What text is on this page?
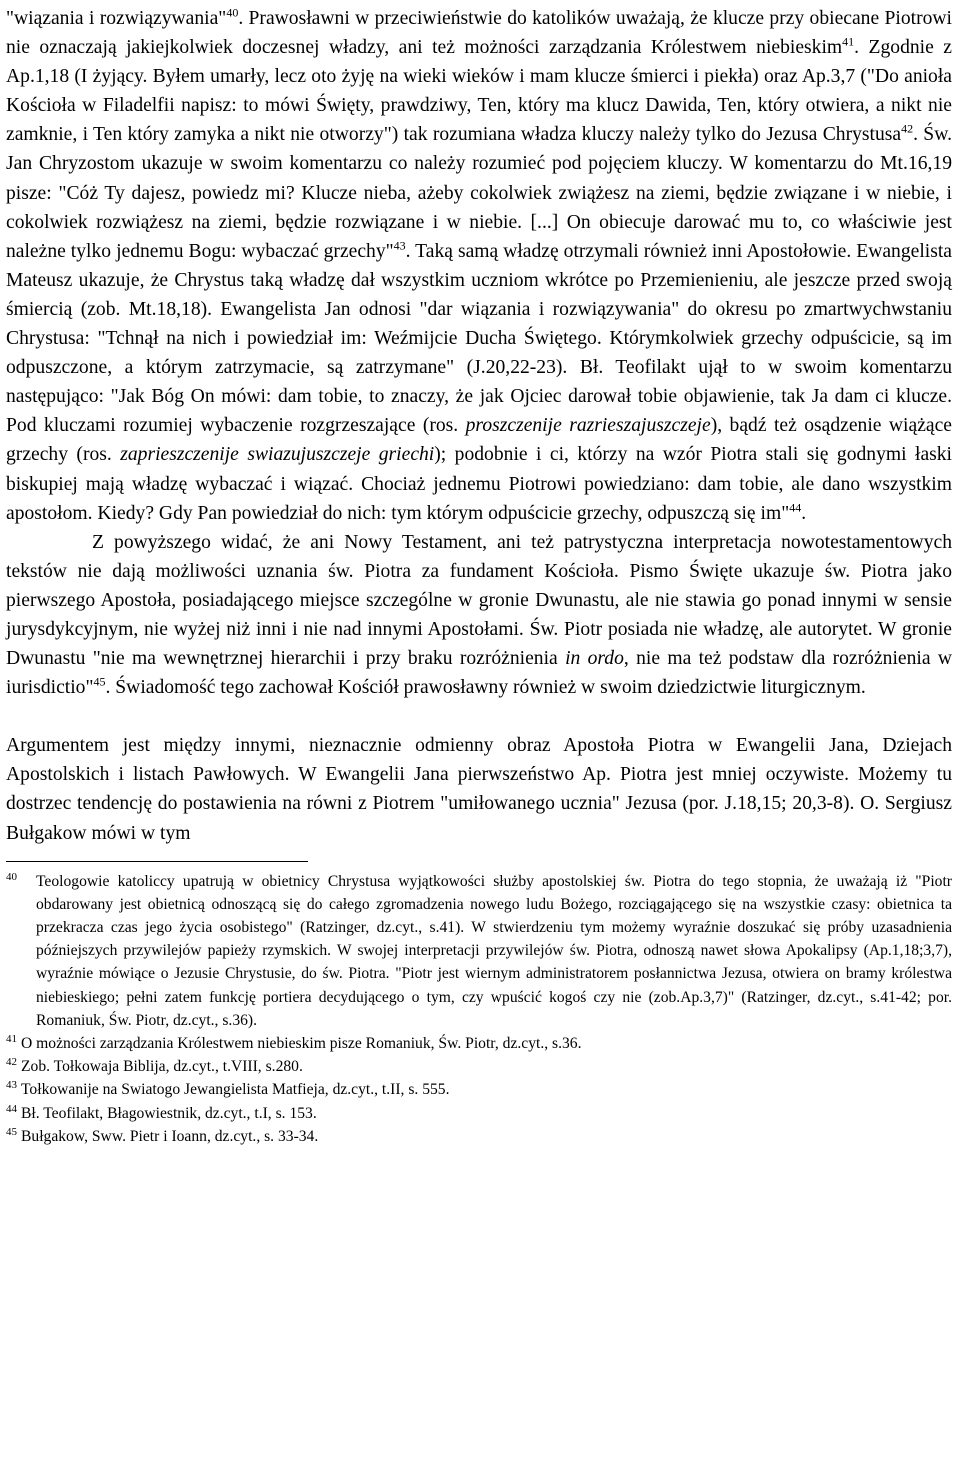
"wiązania i rozwiązywania"$^{40}$. Prawosławni w przeciwieństwie do katolików uważają, że klucze przy obiecane Piotrowi nie oznaczają jakiejkolwiek doczesnej władzy, ani też możności zarządzania Królestwem niebieskim$^{41}$. Zgodnie z Ap.1,18 (I żyjący. Byłem umarły, lecz oto żyję na wieki wieków i mam klucze śmierci i piekła) oraz Ap.3,7 ("Do anioła Kościoła w Filadelfii napisz: to mówi Święty, prawdziwy, Ten, który ma klucz Dawida, Ten, który otwiera, a nikt nie zamknie, i Ten który zamyka a nikt nie otworzy") tak rozumiana władza kluczy należy tylko do Jezusa Chrystusa$^{42}$. Św. Jan Chryzostom ukazuje w swoim komentarzu co należy rozumieć pod pojęciem kluczy. W komentarzu do Mt.16,19 pisze: "Cóż Ty dajesz, powiedz mi? Klucze nieba, ażeby cokolwiek zwiążesz na ziemi, będzie związane i w niebie, i cokolwiek rozwiążesz na ziemi, będzie rozwiązane i w niebie. [...] On obiecuje darować mu to, co właściwie jest należne tylko jednemu Bogu: wybaczać grzechy"$^{43}$. Taką samą władzę otrzymali również inni Apostołowie. Ewangelista Mateusz ukazuje, że Chrystus taką władzę dał wszystkim uczniom wkrótce po Przemienieniu, ale jeszcze przed swoją śmiercią (zob. Mt.18,18). Ewangelista Jan odnosi "dar wiązania i rozwiązywania" do okresu po zmartwychwstaniu Chrystusa: "Tchnął na nich i powiedział im: Weźmijcie Ducha Świętego. Którymkolwiek grzechy odpuścicie, są im odpuszczone, a którym zatrzymacie, są zatrzymane" (J.20,22-23). Bł. Teofilakt ujął to w swoim komentarzu następująco: "Jak Bóg On mówi: dam tobie, to znaczy, że jak Ojciec darował tobie objawienie, tak Ja dam ci klucze. Pod kluczami rozumiej wybaczenie rozgrzeszające (ros. proszczenije razrieszajuszczeje), bądź też osądzenie wiążące grzechy (ros. zaprieszczenije swiazujuszczeje griechi); podobnie i ci, którzy na wzór Piotra stali się godnymi łaski biskupiej mają władzę wybaczać i wiązać. Chociaż jednemu Piotrowi powiedziano: dam tobie, ale dano wszystkim apostołom. Kiedy? Gdy Pan powiedział do nich: tym którym odpuścicie grzechy, odpuszczą się im"$^{44}$.

Z powyższego widać, że ani Nowy Testament, ani też patrystyczna interpretacja nowotestamentowych tekstów nie dają możliwości uznania św. Piotra za fundament Kościoła. Pismo Święte ukazuje św. Piotra jako pierwszego Apostoła, posiadającego miejsce szczególne w gronie Dwunastu, ale nie stawia go ponad innymi w sensie jurysdykcyjnym, nie wyżej niż inni i nie nad innymi Apostołami. Św. Piotr posiada nie władzę, ale autorytet. W gronie Dwunastu "nie ma wewnętrznej hierarchii i przy braku rozróżnienia in ordo, nie ma też podstaw dla rozróżnienia w iurisdictio"$^{45}$. Świadomość tego zachował Kościół prawosławny również w swoim dziedzictwie liturgicznym.

Argumentem jest między innymi, nieznacznie odmienny obraz Apostoła Piotra w Ewangelii Jana, Dziejach Apostolskich i listach Pawłowych. W Ewangelii Jana pierwszeństwo Ap. Piotra jest mniej oczywiste. Możemy tu dostrzec tendencję do postawienia na równi z Piotrem "umiłowanego ucznia" Jezusa (por. J.18,15; 20,3-8). O. Sergiusz Bułgakow mówi w tym

$^{40}$ Teologowie katoliccy upatrują w obietnicy Chrystusa wyjątkowości służby apostolskiej św. Piotra do tego stopnia, że uważają iż "Piotr obdarowany jest obietnicą odnoszącą się do całego zgromadzenia nowego ludu Bożego, rozciągającego się na wszystkie czasy: obietnica ta przekracza czas jego życia osobistego" (Ratzinger, dz.cyt., s.41). W stwierdzeniu tym możemy wyraźnie doszukać się próby uzasadnienia późniejszych przywilejów papieży rzymskich. W swojej interpretacji przywilejów św. Piotra, odnoszą nawet słowa Apokalipsy (Ap.1,18;3,7), wyraźnie mówiące o Jezusie Chrystusie, do św. Piotra. "Piotr jest wiernym administratorem posłannictwa Jezusa, otwiera on bramy królestwa niebieskiego; pełni zatem funkcję portiera decydującego o tym, czy wpuścić kogoś czy nie (zob.Ap.3,7)" (Ratzinger, dz.cyt., s.41-42; por. Romaniuk, Św. Piotr, dz.cyt., s.36).

$^{41}$ O możności zarządzania Królestwem niebieskim pisze Romaniuk, Św. Piotr, dz.cyt., s.36.

$^{42}$ Zob. Tołkowaja Biblija, dz.cyt., t.VIII, s.280.

$^{43}$ Tołkowanije na Swiatogo Jewangielista Matfieja, dz.cyt., t.II, s. 555.

$^{44}$ Bł. Teofilakt, Błagowiestnik, dz.cyt., t.I, s. 153.

$^{45}$ Bułgakow, Sww. Pietr i Ioann, dz.cyt., s. 33-34.
